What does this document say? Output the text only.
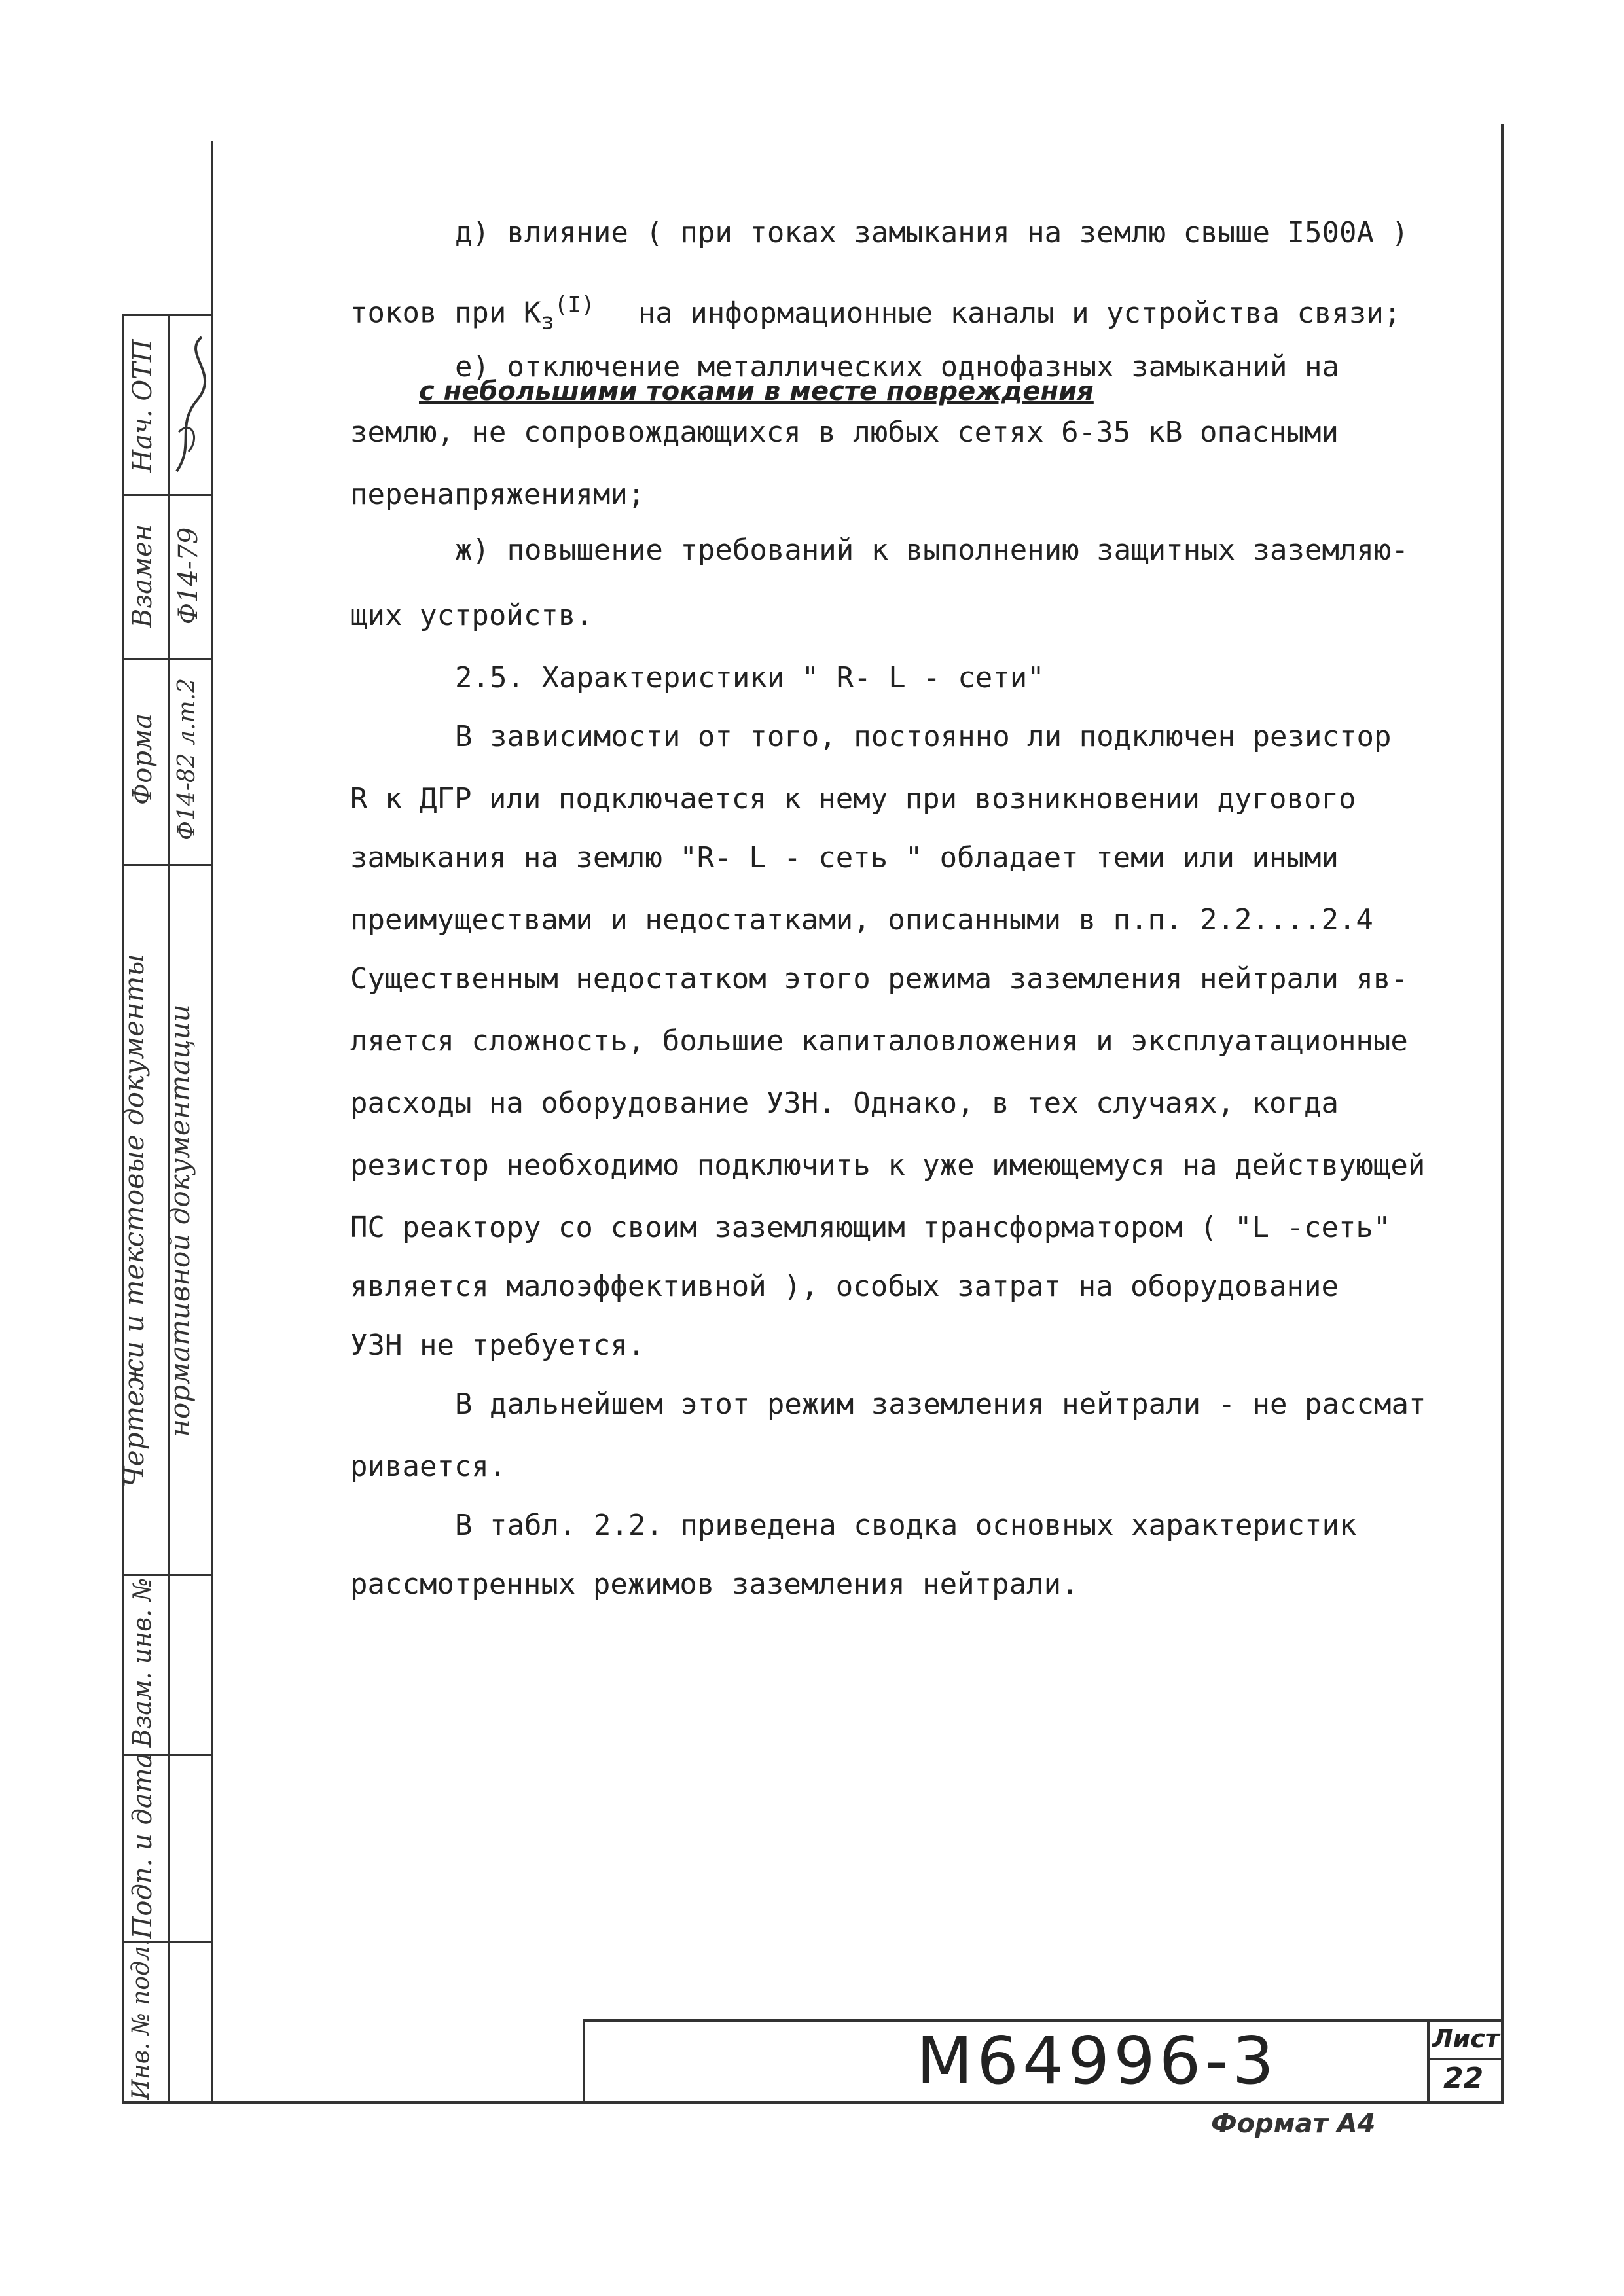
Нач. ОТП
Взамен Ф14-79
Форма Ф14-82 л.т.2
Чертежи и текстовые документы нормативной документации
Взам. инв. №
Подп. и дата
Инв. № подл.
д) влияние ( при токах замыкания на землю свыше I500А )
токов при $К_з^{(I)}$ на информационные каналы и устройства связи;
е) отключение металлических однофазных замыканий на
с небольшими токами в месте повреждения
землю, не сопровождающихся в любых сетях 6-35 кВ опасными
перенапряжениями;
ж) повышение требований к выполнению защитных заземляю-
щих устройств.
2.5. Характеристики " R- L - сети"
В зависимости от того, постоянно ли подключен резистор
R к ДГР или подключается к нему при возникновении дугового
замыкания на землю "R- L - сеть " обладает теми или иными
преимуществами и недостатками, описанными в п.п. 2.2....2.4
Существенным недостатком этого режима заземления нейтрали яв-
ляется сложность, большие капиталовложения и эксплуатационные
расходы на оборудование УЗН. Однако, в тех случаях, когда
резистор необходимо подключить к уже имеющемуся на действующей
ПС реактору со своим заземляющим трансформатором ( "L -сеть"
является малоэффективной ), особых затрат на оборудование
УЗН не требуется.
В дальнейшем этот режим заземления нейтрали - не рассмат
ривается.
В табл. 2.2. приведена сводка основных характеристик
рассмотренных режимов заземления нейтрали.
М64996-3	Лист
22
Формат А4
